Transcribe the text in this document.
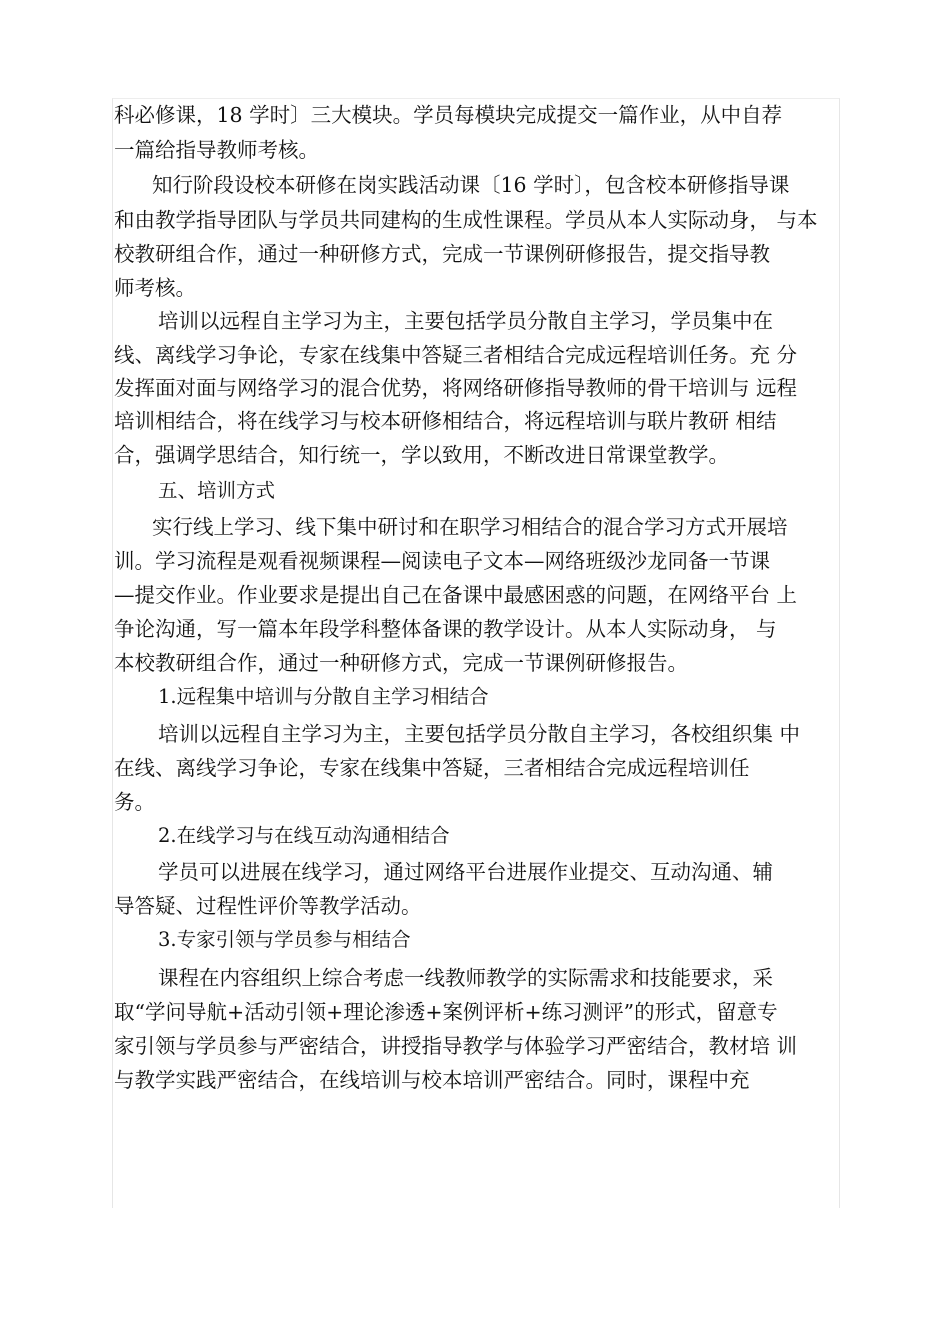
科必修课，18 学时〕三大模块。学员每模块完成提交一篇作业，从中自荐
一篇给指导教师考核。
知行阶段设校本研修在岗实践活动课〔16 学时〕，包含校本研修指导课
和由教学指导团队与学员共同建构的生成性课程。学员从本人实际动身， 与本
校教研组合作，通过一种研修方式，完成一节课例研修报告，提交指导教
师考核。
培训以远程自主学习为主，主要包括学员分散自主学习，学员集中在
线、离线学习争论，专家在线集中答疑三者相结合完成远程培训任务。充 分
发挥面对面与网络学习的混合优势，将网络研修指导教师的骨干培训与 远程
培训相结合，将在线学习与校本研修相结合，将远程培训与联片教研 相结
合，强调学思结合，知行统一，学以致用，不断改进日常课堂教学。
五、培训方式
实行线上学习、线下集中研讨和在职学习相结合的混合学习方式开展培
训。学习流程是观看视频课程—阅读电子文本—网络班级沙龙同备一节课
—提交作业。作业要求是提出自己在备课中最感困惑的问题，在网络平台 上
争论沟通，写一篇本年段学科整体备课的教学设计。从本人实际动身， 与
本校教研组合作，通过一种研修方式，完成一节课例研修报告。
1.远程集中培训与分散自主学习相结合
培训以远程自主学习为主，主要包括学员分散自主学习，各校组织集 中
在线、离线学习争论，专家在线集中答疑，三者相结合完成远程培训任
务。
2.在线学习与在线互动沟通相结合
学员可以进展在线学习，通过网络平台进展作业提交、互动沟通、辅
导答疑、过程性评价等教学活动。
3.专家引领与学员参与相结合
课程在内容组织上综合考虑一线教师教学的实际需求和技能要求，采
取“学问导航+活动引领+理论渗透+案例评析+练习测评”的形式，留意专
家引领与学员参与严密结合，讲授指导教学与体验学习严密结合，教材培 训
与教学实践严密结合，在线培训与校本培训严密结合。同时，课程中充
